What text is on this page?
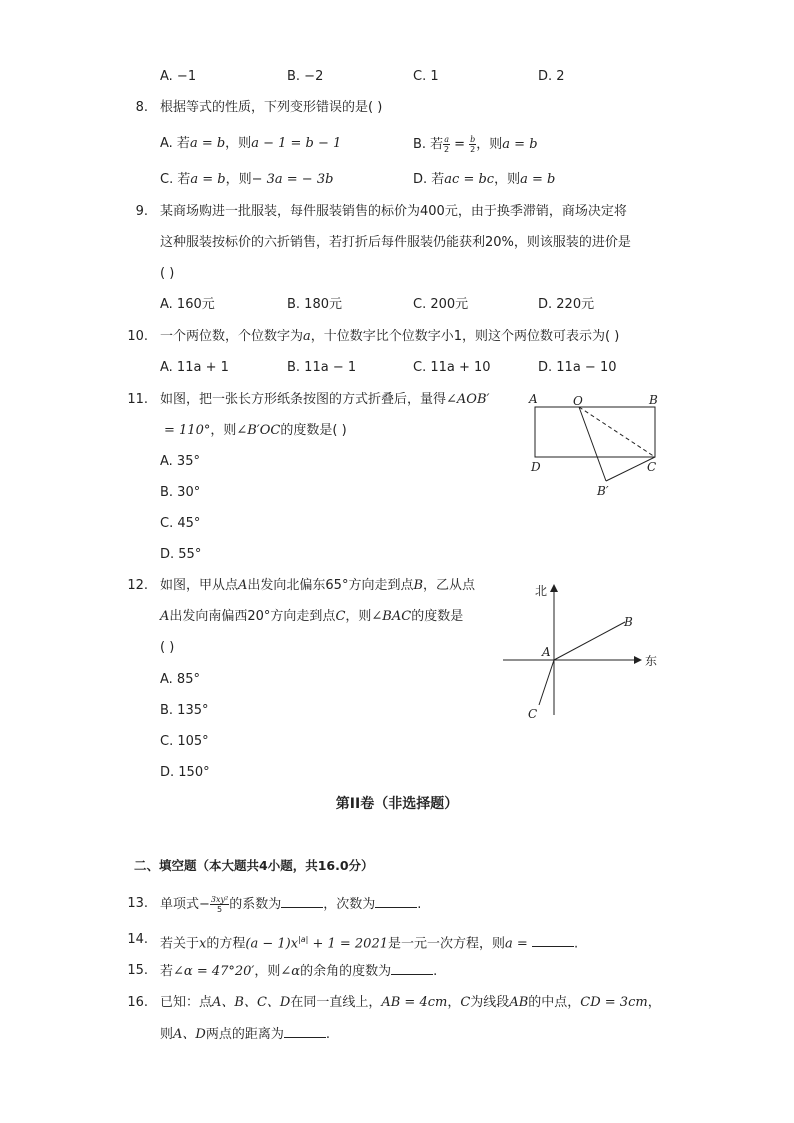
A. −1	B. −2	C. 1	D. 2
8. 根据等式的性质，下列变形错误的是( )
A. 若a = b，则a − 1 = b − 1	B. 若 $\frac{a}{2} = \frac{b}{2}$ ，则a = b
C. 若a = b，则− 3a = − 3b	D. 若ac = bc，则a = b
9. 某商场购进一批服装，每件服装销售的标价为400元，由于换季滞销，商场决定将
这种服装按标价的六折销售，若打折后每件服装仍能获利20%，则该服装的进价是
( )
A. 160元	B. 180元	C. 200元	D. 220元
10. 一个两位数，个位数字为a，十位数字比个位数字小1，则这个两位数可表示为( )
A. 11a + 1	B. 11a − 1	C. 11a + 10	D. 11a − 10
11. 如图，把一张长方形纸条按图的方式折叠后，量得∠AOB′
= 110°，则∠B′OC的度数是( )
A. 35°
B. 30°
C. 45°
D. 55°
A	O	B
D	C
B′
12. 如图，甲从点A出发向北偏东65°方向走到点B，乙从点
A出发向南偏西20°方向走到点C，则∠BAC的度数是
( )
A. 85°
B. 135°
C. 105°
D. 150°
北
东
A
B
C
第II卷（非选择题）
二、填空题（本大题共4小题，共16.0分）
13. 单项式− $\frac{\text{3xy²}}{5}$ 的系数为	，次数为	.
14. 若关于x的方程$(a - 1)x^{|a|} + 1 = 2021$是一元一次方程，则a =	.
15. 若∠α = 47°20′，则∠α的余角的度数为	.
16. 已知：点A、B、C、D在同一直线上，AB = 4cm，C为线段AB的中点，CD = 3cm，
则A、D两点的距离为	.
